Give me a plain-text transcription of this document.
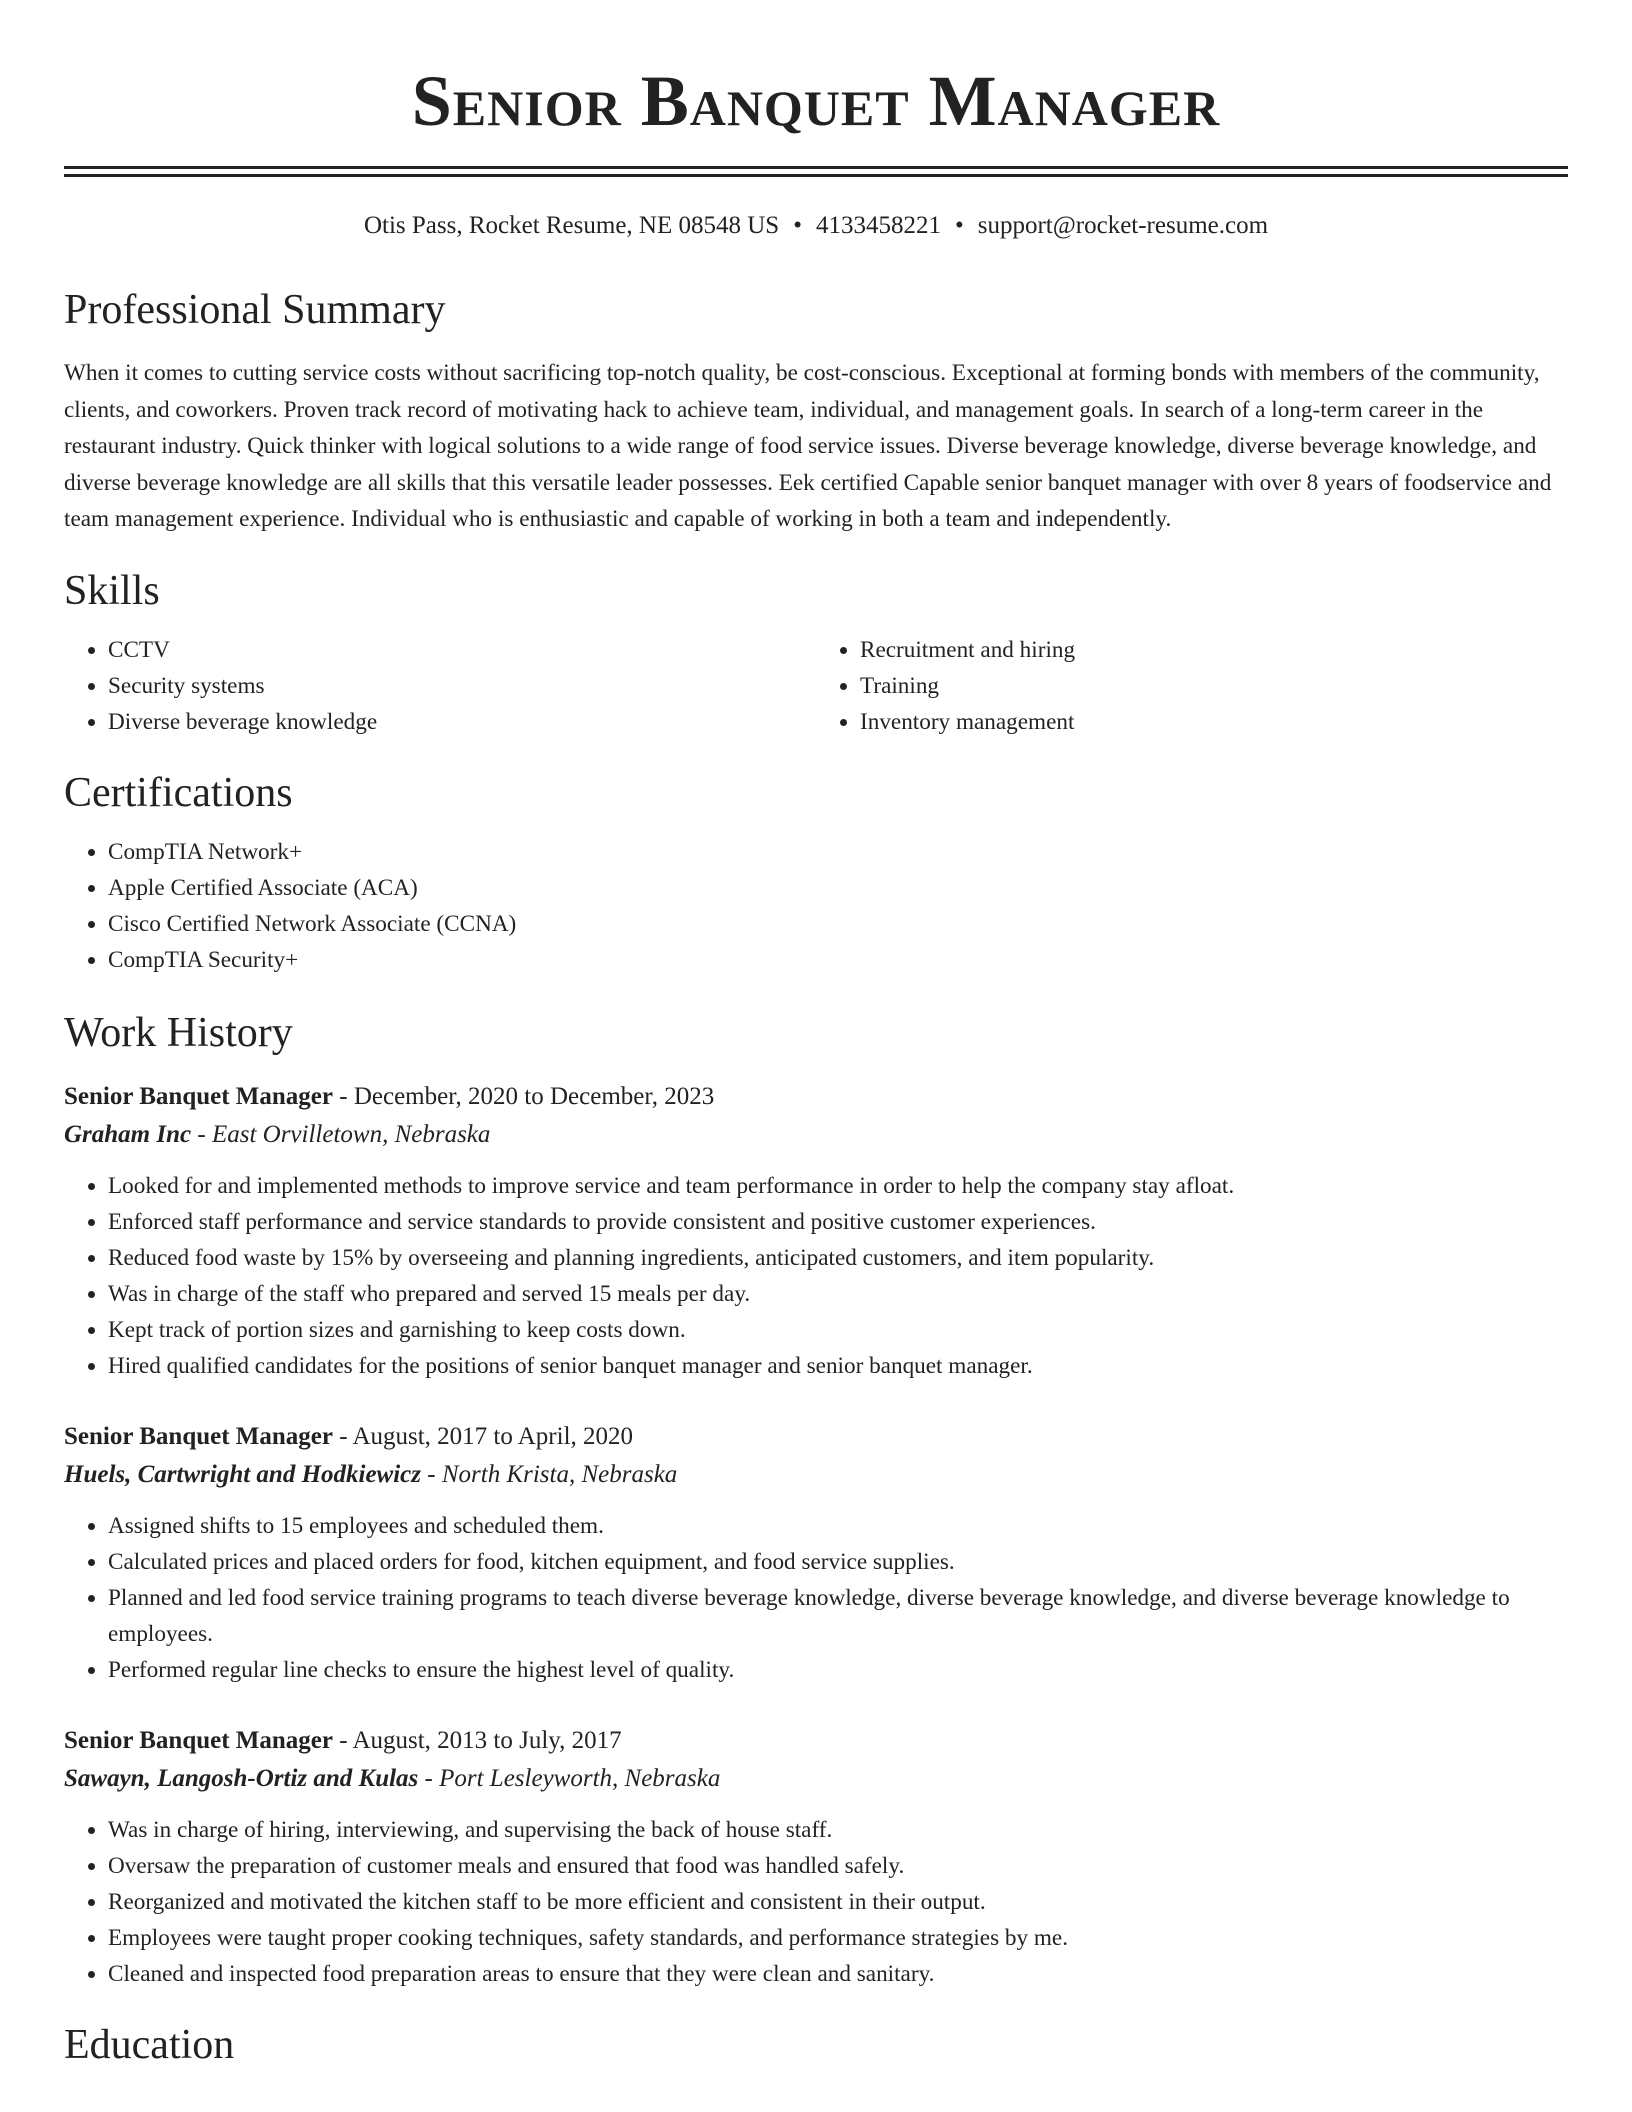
Senior Banquet Manager
Otis Pass, Rocket Resume, NE 08548 US • 4133458221 • support@rocket-resume.com
Professional Summary

When it comes to cutting service costs without sacrificing top-notch quality, be cost-conscious. Exceptional at forming bonds with members of the community, clients, and coworkers. Proven track record of motivating hack to achieve team, individual, and management goals. In search of a long-term career in the restaurant industry. Quick thinker with logical solutions to a wide range of food service issues. Diverse beverage knowledge, diverse beverage knowledge, and diverse beverage knowledge are all skills that this versatile leader possesses. Eek certified Capable senior banquet manager with over 8 years of foodservice and team management experience. Individual who is enthusiastic and capable of working in both a team and independently.

Skills
• CCTV
• Security systems
• Diverse beverage knowledge
• Recruitment and hiring
• Training
• Inventory management
Certifications
• CompTIA Network+
• Apple Certified Associate (ACA)
• Cisco Certified Network Associate (CCNA)
• CompTIA Security+
Work History
Senior Banquet Manager - December, 2020 to December, 2023
Graham Inc - East Orvilletown, Nebraska
• Looked for and implemented methods to improve service and team performance in order to help the company stay afloat.
• Enforced staff performance and service standards to provide consistent and positive customer experiences.
• Reduced food waste by 15% by overseeing and planning ingredients, anticipated customers, and item popularity.
• Was in charge of the staff who prepared and served 15 meals per day.
• Kept track of portion sizes and garnishing to keep costs down.
• Hired qualified candidates for the positions of senior banquet manager and senior banquet manager.
Senior Banquet Manager - August, 2017 to April, 2020
Huels, Cartwright and Hodkiewicz - North Krista, Nebraska
• Assigned shifts to 15 employees and scheduled them.
• Calculated prices and placed orders for food, kitchen equipment, and food service supplies.
• Planned and led food service training programs to teach diverse beverage knowledge, diverse beverage knowledge, and diverse beverage knowledge to employees.
• Performed regular line checks to ensure the highest level of quality.
Senior Banquet Manager - August, 2013 to July, 2017
Sawayn, Langosh-Ortiz and Kulas - Port Lesleyworth, Nebraska
• Was in charge of hiring, interviewing, and supervising the back of house staff.
• Oversaw the preparation of customer meals and ensured that food was handled safely.
• Reorganized and motivated the kitchen staff to be more efficient and consistent in their output.
• Employees were taught proper cooking techniques, safety standards, and performance strategies by me.
• Cleaned and inspected food preparation areas to ensure that they were clean and sanitary.
Education
